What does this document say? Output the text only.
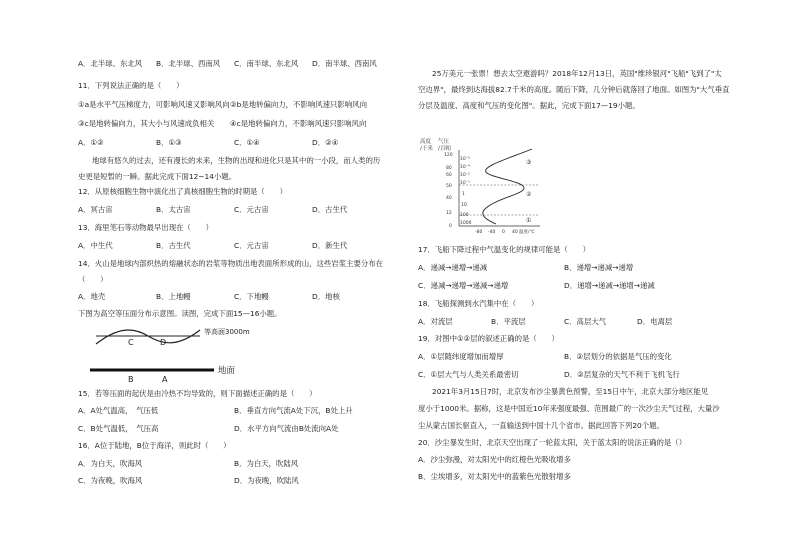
A．北半球、东北风 B．北半球、西南风 C．南半球、东北风 D．南半球、西南风
11．下列说法正确的是（　　）
①a是水平气压梯度力，可影响风速又影响风向 ②b是地转偏向力，不影响风速只影响风向
③c是地转偏向力，其大小与风速成负相关 ④c是地转偏向力，不影响风速只影响风向
A．①②	B．①③	C．①④	D．②④
地球有悠久的过去，还有漫长的未来，生物的出现和进化只是其中的一小段，而人类的历
史更是短暂的一瞬。据此完成下面12~14小题。
12．从原核细胞生物中演化出了真核细胞生物的时期是（　　）
A．冥古宙	B．太古宙	C．元古宙	D．古生代
13．海里笔石等动物最早出现在（　　）
A．中生代	B．古生代	C．元古宙	D．新生代
14．火山是地球内部炽热的熔融状态的岩浆等物质出地表面所形成的山，这些岩浆主要分布在
（　　）
A．地壳	B．上地幔	C．下地幔	D．地核
下图为高空等压面分布示意图。读图，完成下面15—16小题。
等高面3000m
C	D
地面
B	A
15．若等压面的起伏是由冷热不均导致的，则下面描述正确的是（　　）
A．A处气温高，　气压低	B．垂直方向气流A处下沉，B处上升
C．B处气温低，　气压高	D．水平方向气流由B处流向A处
16．A位于陆地，B位于海洋，则此时（　　）
A．为白天，吹海风	B．为白天，吹陆风
C．为夜晚，吹海风	D．为夜晚，吹陆风
25万美元一张票！想去太空遨游吗？2018年12月13日，英国"维珍银河"飞船"飞到了"太
空边界"，最终到达海拔82.7千米的高度。随后下降，几分钟后就落回了地面。如图为"大气垂直
分层及温度、高度和气压的变化图"。据此，完成下面17—19小题。
高度
/千米
气压
/百帕
120
80
60
50
40
12
0
10⁻⁵
10⁻⁴
10⁻²
10⁻¹
1
10
100
1000
③
②
①
-80 -40 0 40 温度/℃
17．飞船下降过程中气温变化的规律可能是（　　）
A．递减→递增→递减	B．递增→递减→递增
C．递减→递增→递减→递增	D．递增→递减→递增→递减
18．飞船探测到水汽集中在（　　）
A．对流层	B．平流层	C．高层大气	D．电离层
19．对图中①②层的叙述正确的是（　　）
A．①层随纬度增加而增厚	B．②层划分的依据是气压的变化
C．①层大气与人类关系最密切	D．②层复杂的天气不利于飞机飞行
2021年3月15日7时，北京发布沙尘暴黄色预警，至15日中午，北京大部分地区能见
度小于1000米。据称，这是中国近10年来强度最强、范围最广的一次沙尘天气过程，大量沙
尘从蒙古国长驱直入，一直输送到中国十几个省市。据此回答下列20个题。
20．沙尘暴发生时，北京天空出现了一轮蓝太阳，关于蓝太阳的说法正确的是（）
A．沙尘弥漫，对太阳光中的红橙色光吸收增多
B．尘埃增多，对太阳光中的蓝紫色光散射增多
